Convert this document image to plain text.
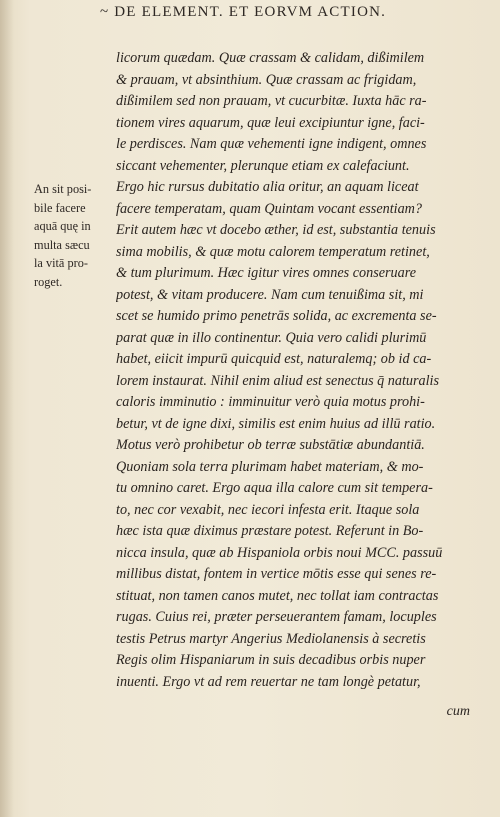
~ DE ELEMENT. ET EORVM ACTION.
An sit posi-
bile facere
aquā quę in
multa sæcu
la vitā pro-
roget.
licorum quædam. Quæ crassam & calidam, dißimilem
& prauam, vt absinthium. Quæ crassam ac frigidam,
dißimilem sed non prauam, vt cucurbitæ. Iuxta hāc ra-
tionem vires aquarum, quæ leui excipiuntur igne, faci-
le perdisces. Nam quæ vehementi igne indigent, omnes
siccant vehementer, plerunque etiam ex calefaciunt.
Ergo hic rursus dubitatio alia oritur, an aquam liceat
facere temperatam, quam Quintam vocant essentiam?
Erit autem hæc vt docebo æther, id est, substantia tenuis
sima mobilis, & quæ motu calorem temperatum retinet,
& tum plurimum. Hæc igitur vires omnes conseruare
potest, & vitam producere. Nam cum tenuißima sit, mi
scet se humido primo penetrās solida, ac excrementa se-
parat quæ in illo continentur. Quia vero calidi plurimū
habet, eiicit impurū quicquid est, naturalemq; ob id ca-
lorem instaurat. Nihil enim aliud est senectus q̄ naturalis
caloris imminutio : imminuitur verò quia motus prohi-
betur, vt de igne dixi, similis est enim huius ad illū ratio.
Motus verò prohibetur ob terræ substātiæ abundantiā.
Quoniam sola terra plurimam habet materiam, & mo-
tu omnino caret. Ergo aqua illa calore cum sit tempera-
to, nec cor vexabit, nec iecori infesta erit. Itaque sola
hæc ista quæ diximus præstare potest. Referunt in Bo-
nicca insula, quæ ab Hispaniola orbis noui MCC. passuū
millibus distat, fontem in vertice mōtis esse qui senes re-
stituat, non tamen canos mutet, nec tollat iam contractas
rugas. Cuius rei, præter perseuerantem famam, locuples
testis Petrus martyr Angerius Mediolanensis à secretis
Regis olim Hispaniarum in suis decadibus orbis nuper
inuenti. Ergo vt ad rem reuertar ne tam longè petatur,
cum
